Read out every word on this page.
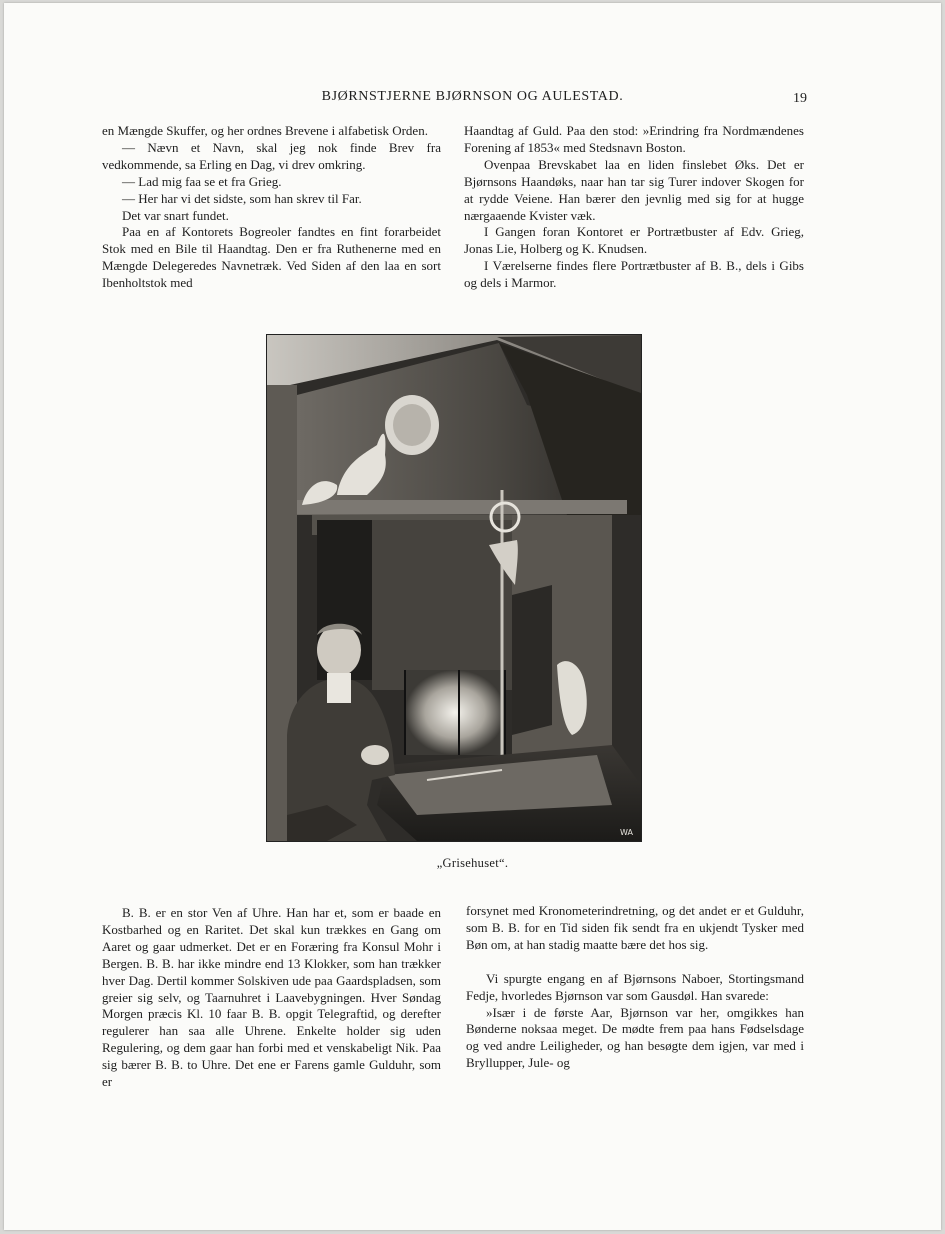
BJØRNSTJERNE BJØRNSON OG AULESTAD.	19

en Mængde Skuffer, og her ordnes Brevene i alfabetisk Orden.

— Nævn et Navn, skal jeg nok finde Brev fra vedkommende, sa Erling en Dag, vi drev omkring.

— Lad mig faa se et fra Grieg.

— Her har vi det sidste, som han skrev til Far.

Det var snart fundet.

Paa en af Kontorets Bogreoler fandtes en fint forarbeidet Stok med en Bile til Haandtag. Den er fra Ruthenerne med en Mængde Delegeredes Navnetræk. Ved Siden af den laa en sort Ibenholtstok med

Haandtag af Guld. Paa den stod: »Erindring fra Nordmændenes Forening af 1853« med Stedsnavn Boston.

Ovenpaa Brevskabet laa en liden finslebet Øks. Det er Bjørnsons Haandøks, naar han tar sig Turer indover Skogen for at rydde Veiene. Han bærer den jevnlig med sig for at hugge nærgaaende Kvister væk.

I Gangen foran Kontoret er Portrætbuster af Edv. Grieg, Jonas Lie, Holberg og K. Knudsen.

I Værelserne findes flere Portrætbuster af B. B., dels i Gibs og dels i Marmor.

WA
„Grisehuset“.

B. B. er en stor Ven af Uhre. Han har et, som er baade en Kostbarhed og en Raritet. Det skal kun trækkes en Gang om Aaret og gaar udmerket. Det er en Foræring fra Konsul Mohr i Bergen. B. B. har ikke mindre end 13 Klokker, som han trækker hver Dag. Dertil kommer Solskiven ude paa Gaardspladsen, som greier sig selv, og Taarnuhret i Laavebygningen. Hver Søndag Morgen præcis Kl. 10 faar B. B. opgit Telegraftid, og derefter regulerer han saa alle Uhrene. Enkelte holder sig uden Regulering, og dem gaar han forbi med et venskabeligt Nik. Paa sig bærer B. B. to Uhre. Det ene er Farens gamle Gulduhr, som er

forsynet med Kronometerindretning, og det andet er et Gulduhr, som B. B. for en Tid siden fik sendt fra en ukjendt Tysker med Bøn om, at han stadig maatte bære det hos sig.

Vi spurgte engang en af Bjørnsons Naboer, Stortingsmand Fedje, hvorledes Bjørnson var som Gausdøl. Han svarede:

»Især i de første Aar, Bjørnson var her, omgikkes han Bønderne noksaa meget. De mødte frem paa hans Fødselsdage og ved andre Leiligheder, og han besøgte dem igjen, var med i Bryllupper, Jule- og
